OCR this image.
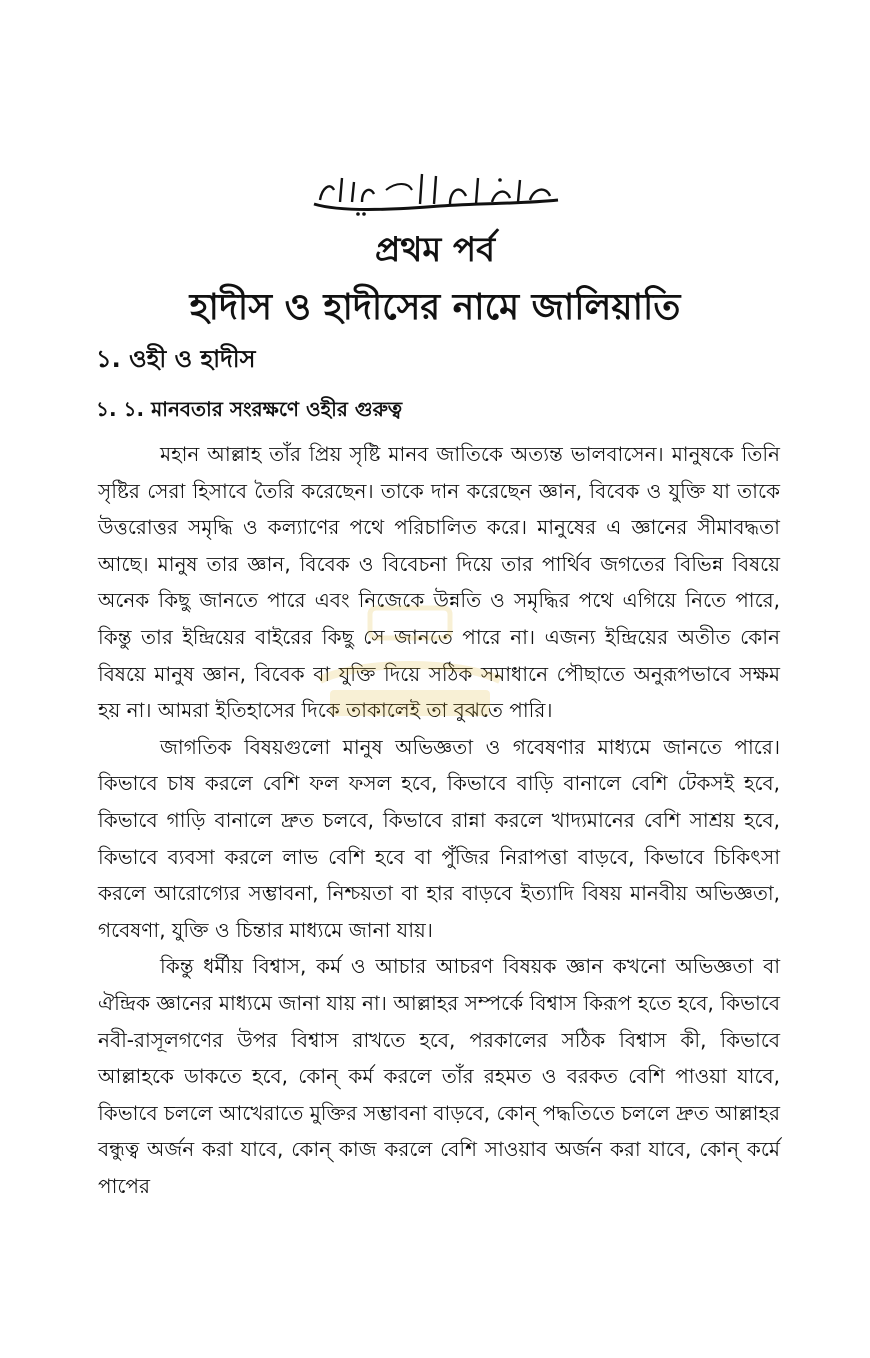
প্রথম পর্ব
হাদীস ও হাদীসের নামে জালিয়াতি
১. ওহী ও হাদীস
১. ১. মানবতার সংরক্ষণে ওহীর গুরুত্ব

মহান আল্লাহ তাঁর প্রিয় সৃষ্টি মানব জাতিকে অত্যন্ত ভালবাসেন। মানুষকে তিনি সৃষ্টির সেরা হিসাবে তৈরি করেছেন। তাকে দান করেছেন জ্ঞান, বিবেক ও যুক্তি যা তাকে উত্তরোত্তর সমৃদ্ধি ও কল্যাণের পথে পরিচালিত করে। মানুষের এ জ্ঞানের সীমাবদ্ধতা আছে। মানুষ তার জ্ঞান, বিবেক ও বিবেচনা দিয়ে তার পার্থিব জগতের বিভিন্ন বিষয়ে অনেক কিছু জানতে পারে এবং নিজেকে উন্নতি ও সমৃদ্ধির পথে এগিয়ে নিতে পারে, কিন্তু তার ইন্দ্রিয়ের বাইরের কিছু সে জানতে পারে না। এজন্য ইন্দ্রিয়ের অতীত কোন বিষয়ে মানুষ জ্ঞান, বিবেক বা যুক্তি দিয়ে সঠিক সমাধানে পৌছাতে অনুরূপভাবে সক্ষম হয় না। আমরা ইতিহাসের দিকে তাকালেই তা বুঝতে পারি।

জাগতিক বিষয়গুলো মানুষ অভিজ্ঞতা ও গবেষণার মাধ্যমে জানতে পারে। কিভাবে চাষ করলে বেশি ফল ফসল হবে, কিভাবে বাড়ি বানালে বেশি টেকসই হবে, কিভাবে গাড়ি বানালে দ্রুত চলবে, কিভাবে রান্না করলে খাদ্যমানের বেশি সাশ্রয় হবে, কিভাবে ব্যবসা করলে লাভ বেশি হবে বা পুঁজির নিরাপত্তা বাড়বে, কিভাবে চিকিৎসা করলে আরোগ্যের সম্ভাবনা, নিশ্চয়তা বা হার বাড়বে ইত্যাদি বিষয় মানবীয় অভিজ্ঞতা, গবেষণা, যুক্তি ও চিন্তার মাধ্যমে জানা যায়।

কিন্তু ধর্মীয় বিশ্বাস, কর্ম ও আচার আচরণ বিষয়ক জ্ঞান কখনো অভিজ্ঞতা বা ঐন্দ্রিক জ্ঞানের মাধ্যমে জানা যায় না। আল্লাহর সম্পর্কে বিশ্বাস কিরূপ হতে হবে, কিভাবে নবী-রাসূলগণের উপর বিশ্বাস রাখতে হবে, পরকালের সঠিক বিশ্বাস কী, কিভাবে আল্লাহকে ডাকতে হবে, কোন্ কর্ম করলে তাঁর রহমত ও বরকত বেশি পাওয়া যাবে, কিভাবে চললে আখেরাতে মুক্তির সম্ভাবনা বাড়বে, কোন্ পদ্ধতিতে চললে দ্রুত আল্লাহর বন্ধুত্ব অর্জন করা যাবে, কোন্ কাজ করলে বেশি সাওয়াব অর্জন করা যাবে, কোন্ কর্মে পাপের
